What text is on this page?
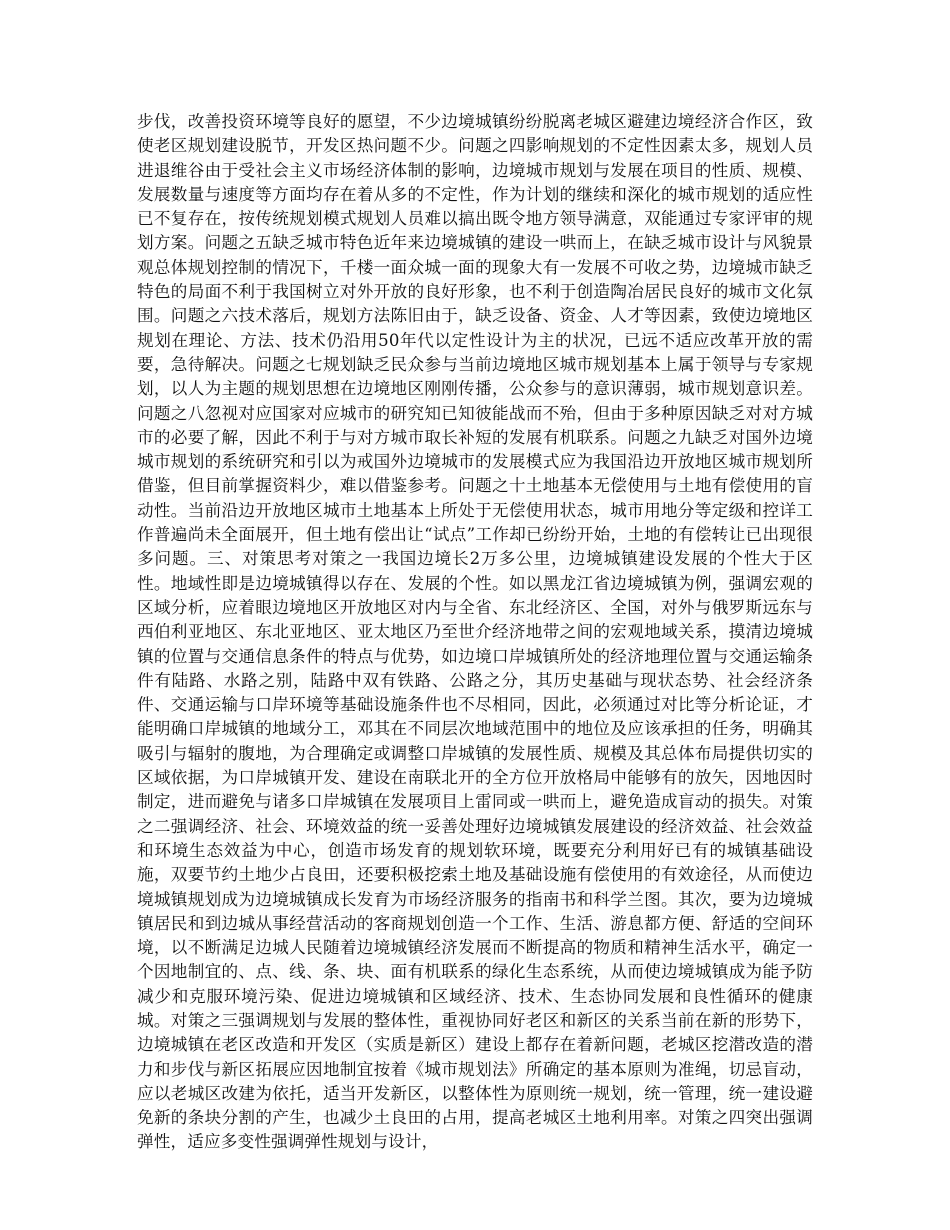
步伐，改善投资环境等良好的愿望，不少边境城镇纷纷脱离老城区避建边境经济合作区，致使老区规划建设脱节，开发区热问题不少。问题之四影响规划的不定性因素太多，规划人员进退维谷由于受社会主义市场经济体制的影响，边境城市规划与发展在项目的性质、规模、发展数量与速度等方面均存在着从多的不定性，作为计划的继续和深化的城市规划的适应性已不复存在，按传统规划模式规划人员难以搞出既令地方领导满意，双能通过专家评审的规划方案。问题之五缺乏城市特色近年来边境城镇的建设一哄而上，在缺乏城市设计与风貌景观总体规划控制的情况下，千楼一面众城一面的现象大有一发展不可收之势，边境城市缺乏特色的局面不利于我国树立对外开放的良好形象，也不利于创造陶冶居民良好的城市文化氛围。问题之六技术落后，规划方法陈旧由于，缺乏设备、资金、人才等因素，致使边境地区规划在理论、方法、技术仍沿用50年代以定性设计为主的状况，已远不适应改革开放的需要，急待解决。问题之七规划缺乏民众参与当前边境地区城市规划基本上属于领导与专家规划，以人为主题的规划思想在边境地区刚刚传播，公众参与的意识薄弱，城市规划意识差。问题之八忽视对应国家对应城市的研究知已知彼能战而不殆，但由于多种原因缺乏对对方城市的必要了解，因此不利于与对方城市取长补短的发展有机联系。问题之九缺乏对国外边境城市规划的系统研究和引以为戒国外边境城市的发展模式应为我国沿边开放地区城市规划所借鉴，但目前掌握资料少，难以借鉴参考。问题之十土地基本无偿使用与土地有偿使用的盲动性。当前沿边开放地区城市土地基本上所处于无偿使用状态，城市用地分等定级和控详工作普遍尚未全面展开，但土地有偿出让“试点”工作却已纷纷开始，土地的有偿转让已出现很多问题。三、对策思考对策之一我国边境长2万多公里，边境城镇建设发展的个性大于区性。地域性即是边境城镇得以存在、发展的个性。如以黑龙江省边境城镇为例，强调宏观的区域分析，应着眼边境地区开放地区对内与全省、东北经济区、全国，对外与俄罗斯远东与西伯利亚地区、东北亚地区、亚太地区乃至世介经济地带之间的宏观地域关系，摸清边境城镇的位置与交通信息条件的特点与优势，如边境口岸城镇所处的经济地理位置与交通运输条件有陆路、水路之别，陆路中双有铁路、公路之分，其历史基础与现状态势、社会经济条件、交通运输与口岸环境等基础设施条件也不尽相同，因此，必须通过对比等分析论证，才能明确口岸城镇的地域分工，邓其在不同层次地域范围中的地位及应该承担的任务，明确其吸引与辐射的腹地，为合理确定或调整口岸城镇的发展性质、规模及其总体布局提供切实的区域依据，为口岸城镇开发、建设在南联北开的全方位开放格局中能够有的放矢，因地因时制定，进而避免与诸多口岸城镇在发展项目上雷同或一哄而上，避免造成盲动的损失。对策之二强调经济、社会、环境效益的统一妥善处理好边境城镇发展建设的经济效益、社会效益和环境生态效益为中心，创造市场发育的规划软环境，既要充分利用好已有的城镇基础设施，双要节约土地少占良田，还要积极挖索土地及基础设施有偿使用的有效途径，从而使边境城镇规划成为边境城镇成长发育为市场经济服务的指南书和科学兰图。其次，要为边境城镇居民和到边城从事经营活动的客商规划创造一个工作、生活、游息都方便、舒适的空间环境，以不断满足边城人民随着边境城镇经济发展而不断提高的物质和精神生活水平，确定一个因地制宜的、点、线、条、块、面有机联系的绿化生态系统，从而使边境城镇成为能予防减少和克服环境污染、促进边境城镇和区域经济、技术、生态协同发展和良性循环的健康城。对策之三强调规划与发展的整体性，重视协同好老区和新区的关系当前在新的形势下，边境城镇在老区改造和开发区（实质是新区）建设上都存在着新问题，老城区挖潜改造的潜力和步伐与新区拓展应因地制宜按着《城市规划法》所确定的基本原则为准绳，切忌盲动，应以老城区改建为依托，适当开发新区，以整体性为原则统一规划，统一管理，统一建设避免新的条块分割的产生，也减少土良田的占用，提高老城区土地利用率。对策之四突出强调弹性，适应多变性强调弹性规划与设计，
